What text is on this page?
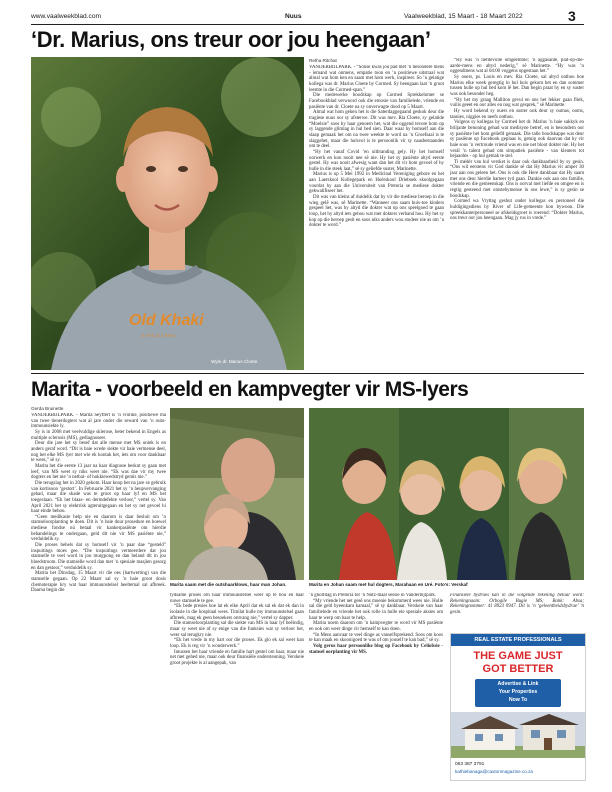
www.vaalweekblad.com	Nuus	Vaalweekblad, 15 Maart - 18 Maart 2022	3
‘Dr. Marius, ons treur oor jou heengaan’
Old Khaki
S I N C E 1 9 8 5
Wyle dr. Marius Cloete.
Retha Ritchat

VANDERBIJLPARK. - “Sonse kwas jou pad met ’n besondere mens - iemand wat onmens, empatie toon en ’n positiewe uitstraal wat almal wat hom ken en saam met hom werk, inspireer. So ’n gelatige kollega was dr. Marius Cloete by Cormed. Sy heengaan laat ’n groot leemte in die Cormed-span.”

Die medewerke boodskap op Cormed Sprekkelomer se Facebookblad verwoord ook die emosie van familielede, vriende en pasiënte van dr. Cloete na sy onverwagte dood op 5 Maart.

Almal wat hom geken het is die Saterdaggegaand geskok deur die tragiese nuus oor sy afsterwe. Dit was mev. Ria Cloete, sy gelatide “Moelsie” soos hy haar genoem het, wat die oggend tevore hom op sy laggende glimlag in hul bed sien. Daar waar hy homself aan die slaap gemaak het om na twee weekte te word na ’n Groefsaal is te slaggehet, maar die hulsvol is te persoonlik vir sy naasbestaandes om te deel.

“Hy het vanaf Covid ’en uitbranding gely. Hy het homself oorwerk en kon nooit nee sê nie. Hy het sy pasiënte altyd eerste gestel. Hy was nooit afwesig want dan het dit vir hom gevoel of hy hulle in die steek laat,” sê sy geliefde suster, Marinette.

Marius is op 5 Mei 1992 in Medicinal Vereniging gebore en het aan Laerskool Kollegepark en Hoërskool Drieboek skoolgegaan voordat hy aan die Universiteit van Pretoria se mediese dokter gekwalifiseer het.

Dit was van kleins af duidelik dat hy vir die mediese beroep in die wieg gelê was, sê Marinette. “Wanneer ons saam huis-toe kinders gespeel het, was hy altyd die dokter wat op ons speelgoed te gaan loop, het hy altyd iets gehou wat met dokters verband hou. Hy het sy kop op die beroep gesit en soos niks anders wou studeer nie as om ’n dokter te word.”

“Hy was ’n liefdevolle omgeemme; ’n aggasante, plat-op-die-aarde-mens en altyd nederig,” sê Marinette. “Hy was ’n oggendmens wat al 04:00 voggens opgestaan het.”

Sy ouers, ps. Louis en mev. Ria Cloete, sal altyd onthou hoe Marius elke week geregtig in hul huis gekom het en dan sommer tussen hulle op hul bed kom lê het. Dan begin praat hy en sy suster was ook besonder heg.

“Hy het my graag Malliton gevul en ons het lekker gaan fliek, vuilis geeet en oor alles en nog wat gesprek,” sê Marinette.

Hy word bekend sy ouers en suster ook deur sy oumas, ooms, tannies, niggies en neefs onthou.

Volgens sy kollegas by Cormed het dr. Marius ’n baie sakkyk en briljante benoning gehad wat medisyne betref, en is besondern oor sy pasiënte het hom geliefd gemaak. Die talle boodskappe wat deur sy pasiënte op Facebook geplaas is, getuig ook daarvan dat hy vir baie soos ’n vertroude vriend was en nie net bloot dokter nie. Hy het verál ’n talent gehad om simpatiek pasiënte - van kleuters tot bejaardes - op hul gemak te stel.

Ti médér van hul versket is daar ook dankbaarheid by sy gesin. “Ons wil eerstens vir God dankie sê dat Hy Marius vir amper 30 jaar aan ons geleen het. Ons is ook die Here dankbaar dat Hy saam met ons deur hierdie harteer tyd gaan. Dankie ook aan ons familie, vriende en die gemeenskap. Ons is oorval met liefde en omgee en is regtig gesteend met omstebymense in ons lewe,” is sy gesin se boodskap.

Cormed wa Vryttag geshut onder kollegas en personeel die huldigingsdiens by River of Life-gemeente kon bywoon. Die spreekkamerpersoneel se afskeidsgroet is roerend: “Dokter Marius, ons treur oor jou heengaan. Mag jy rus in vrede.”

Marita - voorbeeld en kampvegter vir MS-lyers
Gerda Bruinette

VANDERBIJLPARK. - Marita Seyffert is ’n vrolike, positiewe ma van twee tienerdogters wat al jare onder die seward van ’n outo-immuunsiekte ly.

Sy is in 2008 met veelvuldige sklerose, beter bekend in Engels as multiple sclerosis (MS), gediagnoseer.

Deur die jare het sy besef dat alle mense met MS uniek is en anders geraf word. “Dit is baie wrede siekte vir baie vermense deel, nog het elke MS lyer met wie ek kontak het, iets om voor dankbaar te wees,” sê sy.

Marita het die eerste 13 jaar na haar diagnose beskut sy gaan met leef, van MS weet sy niks weet nie. “Ek was dae vir my twee dogters en het nie ’n netbal- of hokkiewedstryd gemis nie.”

Die terugslag het in 2020 gekom. Haar knop het na jare se gebruik van kortisoon ‘gestort’. In Februarie 2021 het sy ’n heupvervanging gehad, maar die skade was te groot op haar lyf en MS het toegeslaan. “Ek het blaas- en dermdefekte verloor,” vertel sy. Van April 2021 het sy elektrisk agteruitgegaan en het sy net gevoel hi haar einde behou.

“Geen medikasie help nie en daarom is daar besluit om ’n stamseloorplanting te doen. Dit is ’n baie duur prosedure en hoewel mediese fondse nú betaal vir kankerpasiënte om hierdie behandelings te ondergaan, geld dit nie vir MS pasiënte nie,” verduidelik sy.

Die proses behels dat sy homself vir ’n paar dae “gesteld” inspuitings moes gee. “Die inspuitings vermeerdere dat jou stamselle te veel word in jou murgpong en dan beland dit in jou bloedstroom. Die stamselle word dan met ’n spesiale masjien gesorg en dan gestoor,” verduidelik sy.

Marita het Dinsdag, 15 Maart vir die oes (hartwerting) van die stamselle gegaan. Op 22 Maart sal sy ’n baie groot dosis chemoterapie kry wat haar immuunstelsel heeltemal sal afbreek. Daarna begin die

Marita saam met die outshaarklows, haar man Johan.	Marita en Johan saam met hul dogters, Marahaan en Uré. Foto’s: Verskaf

tydsame proses om haar immuunstelsel weer op te bou en haar nuwe stamselle te gee.

“Ek bede presies hoe lat ek elke April dat ek sal ek dat ek dan in isolasie in die hospitaal wees. Timilat hulle my immuunstelsel gaan afbreek, mag ek geen besoekers ontvang nie,” vertel sy dapper.

Die stamseloorplanting sal die siekte van MS in haar lyf beëindig, maar sy weet nie of sy enige van die funksies wat sy verloor het, weer sal terugkry nie.

“Ek het vrede in my hart oor die proses. Ek glo ek sal weer kan loop. Ek is reg vir ’n wonderwerk.”

Intussen het haar vriende en familie hart gestel om haar, maar nie net met gebed nie, maar ook deur finansiële ondersteuning. Verskeie groot projekte is al aangepak, van

’n gholfdag in Pretoria tot ’n Nutz-maal sessie in Vanderbijlpark.

“My vriende het net gesê ons moenie bekommerd wees nie. Hulle sal die geld byeenkam kamaal,” sê sy dankbaar. Verskeie van haar familielede en vriende het ook rolle in hulle eie spesiale aksies om haar te werp om haar te help.

Marita noem daarom om ’n kampvegter te word vir MS pasiënte en ook om weer dinge vir hemself te kan doen.

“In Mens aanvaar te veel dinge as vanselfsprekend. Soos om koos te kan maak en skoonigoed te was of om jouself te kan bad,” sê sy.

Volg gerus haar persoonlike blog op Facebook by Celiobsie - stamsel oorplanting vir MS.

Finansiële bydraes kan in die volgende rekening betaal word: Rekeningnaam: Orbogile Bugie MS; Bank: Absa; Rekeningnommer: 41 8923 0947. Dit is ’n ‘geleentheidsbydrae’ ’n gesin.

REAL ESTATE PROFESSIONALS
THE GAME JUST
GOT BETTER
Advertise & Link
Your Properties
Now To
063 387 3791
kathiebanaga@caxtonmagazine.co.za
